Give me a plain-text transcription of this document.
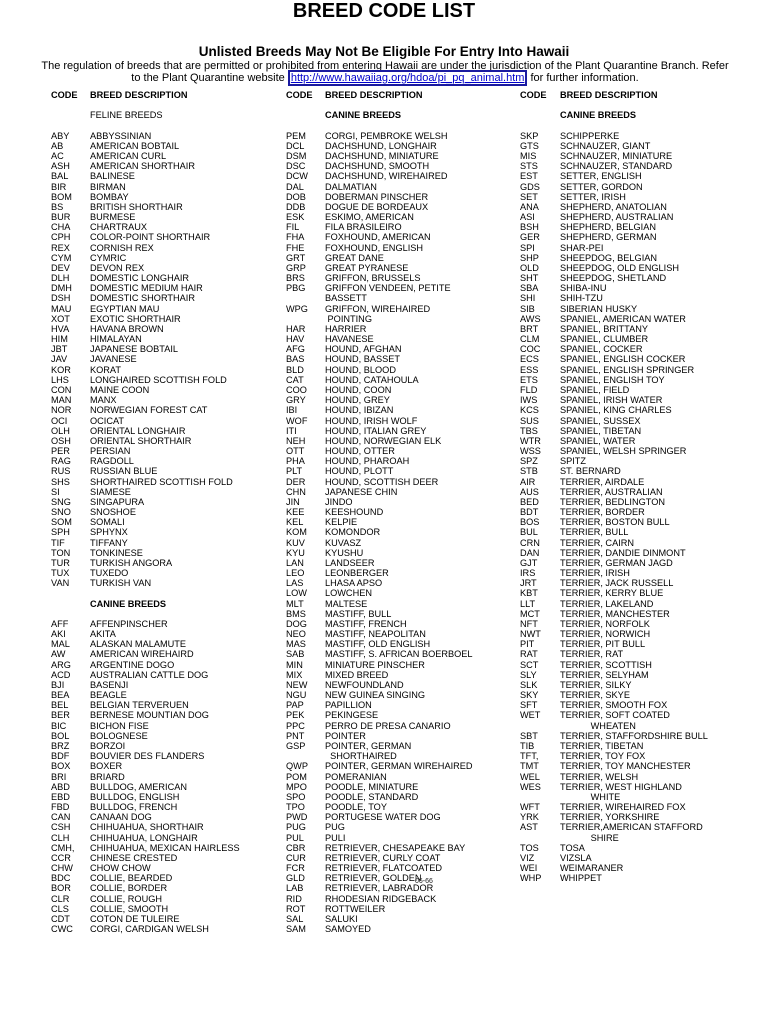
BREED CODE LIST
Unlisted Breeds May Not Be Eligible For Entry Into Hawaii
The regulation of breeds that are permitted or prohibited from entering Hawaii are under the jurisdiction of the Plant Quarantine Branch. Refer to the Plant Quarantine website http://www.hawaiiag.org/hdoa/pi_pq_animal.htm for further information.
CODE BREED DESCRIPTION
FELINE BREEDS
ABY ABBYSSINIAN
AB	AMERICAN BOBTAIL
AC	AMERICAN CURL
ASH AMERICAN SHORTHAIR
BAL BALINESE
BIR	BIRMAN
BOM BOMBAY
BS	BRITISH SHORTHAIR
BUR BURMESE
CHA CHARTRAUX
CPH COLOR-POINT SHORTHAIR
REX CORNISH REX
CYM CYMRIC
DEV DEVON REX
DLH DOMESTIC LONGHAIR
DMH DOMESTIC MEDIUM HAIR
DSH DOMESTIC SHORTHAIR
MAU EGYPTIAN MAU
XOT EXOTIC SHORTHAIR
HVA HAVANA BROWN
HIM HIMALAYAN
JBT JAPANESE BOBTAIL
JAV JAVANESE
KOR KORAT
LHS LONGHAIRED SCOTTISH FOLD
CON MAINE COON
MAN MANX
NOR NORWEGIAN FOREST CAT
OCI OCICAT
OLH ORIENTAL LONGHAIR
OSH ORIENTAL SHORTHAIR
PER PERSIAN
RAG RAGDOLL
RUS RUSSIAN BLUE
SHS SHORTHAIRED SCOTTISH FOLD
SI	SIAMESE
SNG SINGAPURA
SNO SNOSHOE
SOM SOMALI
SPH SPHYNX
TIF	TIFFANY
TON TONKINESE
TUR TURKISH ANGORA
TUX TUXEDO
VAN TURKISH VAN
CANINE BREEDS
AFF AFFENPINSCHER
AKI	AKITA
MAL ALASKAN MALAMUTE
AW	AMERICAN WIREHAIRD
ARG ARGENTINE DOGO
ACD AUSTRALIAN CATTLE DOG
BJI	BASENJI
BEA BEAGLE
BEL BELGIAN TERVERUEN
BER BERNESE MOUNTIAN DOG
BIC	BICHON FISE
BOL BOLOGNESE
BRZ BORZOI
BDF BOUVIER DES FLANDERS
BOX BOXER
BRI	BRIARD
ABD BULLDOG, AMERICAN
EBD BULLDOG, ENGLISH
FBD BULLDOG, FRENCH
CAN CANAAN DOG
CSH CHIHUAHUA, SHORTHAIR
CLH CHIHUAHUA, LONGHAIR
CMH, CHIHUAHUA, MEXICAN HAIRLESS
CCR CHINESE CRESTED
CHW CHOW CHOW
BDC COLLIE, BEARDED
BOR COLLIE, BORDER
CLR COLLIE, ROUGH
CLS COLLIE, SMOOTH
CDT COTON DE TULEIRE
CWC CORGI, CARDIGAN WELSH
CODE BREED DESCRIPTION
CANINE BREEDS
PEM CORGI, PEMBROKE WELSH
DCL DACHSHUND, LONGHAIR
DSM DACHSHUND, MINIATURE
DSC DACHSHUND, SMOOTH
DCW DACHSHUND, WIREHAIRED
DAL DALMATIAN
DOB DOBERMAN PINSCHER
DDB DOGUE DE BORDEAUX
ESK ESKIMO, AMERICAN
FIL	FILA BRASILEIRO
FHA FOXHOUND, AMERICAN
FHE FOXHOUND, ENGLISH
GRT GREAT DANE
GRP GREAT PYRANESE
BRS GRIFFON, BRUSSELS
PBG GRIFFON VENDEEN, PETITE
BASSETT
WPG GRIFFON, WIREHAIRED
POINTING
HAR HARRIER
HAV HAVANESE
AFG HOUND, AFGHAN
BAS HOUND, BASSET
BLD HOUND, BLOOD
CAT HOUND, CATAHOULA
COO HOUND, COON
GRY HOUND, GREY
IBI	HOUND, IBIZAN
WOF HOUND, IRISH WOLF
ITI	HOUND, ITALIAN GREY
NEH HOUND, NORWEGIAN ELK
OTT HOUND, OTTER
PHA HOUND, PHAROAH
PLT HOUND, PLOTT
DER HOUND, SCOTTISH DEER
CHN JAPANESE CHIN
JIN	JINDO
KEE KEESHOUND
KEL KELPIE
KOM KOMONDOR
KUV KUVASZ
KYU KYUSHU
LAN LANDSEER
LEO LEONBERGER
LAS LHASA APSO
LOW LOWCHEN
MLT MALTESE
BMS MASTIFF, BULL
DOG MASTIFF, FRENCH
NEO MASTIFF, NEAPOLITAN
MAS MASTIFF, OLD ENGLISH
SAB MASTIFF, S. AFRICAN BOERBOEL
MIN MINIATURE PINSCHER
MIX MIXED BREED
NEW NEWFOUNDLAND
NGU NEW GUINEA SINGING
PAP PAPILLION
PEK PEKINGESE
PPC PERRO DE PRESA CANARIO
PNT POINTER
GSP POINTER, GERMAN
SHORTHAIRED
QWP POINTER, GERMAN WIREHAIRED
POM POMERANIAN
MPO POODLE, MINIATURE
SPO POODLE, STANDARD
TPO POODLE, TOY
PWD PORTUGESE WATER DOG
PUG PUG
PUL PULI
CBR RETRIEVER, CHESAPEAKE BAY
CUR RETRIEVER, CURLY COAT
FCR RETRIEVER, FLATCOATED
GLD RETRIEVER, GOLDEN
LAB RETRIEVER, LABRADOR
RID	RHODESIAN RIDGEBACK
ROT ROTTWEILER
SAL SALUKI
SAM SAMOYED
CODE BREED DESCRIPTION
CANINE BREEDS
SKP SCHIPPERKE
GTS SCHNAUZER, GIANT
MIS	SCHNAUZER, MINIATURE
STS SCHNAUZER, STANDARD
EST SETTER, ENGLISH
GDS SETTER, GORDON
SET SETTER, IRISH
ANA SHEPHERD, ANATOLIAN
ASI	SHEPHERD, AUSTRALIAN
BSH SHEPHERD, BELGIAN
GER SHEPHERD, GERMAN
SPI	SHAR-PEI
SHP SHEEPDOG, BELGIAN
OLD SHEEPDOG, OLD ENGLISH
SHT SHEEPDOG, SHETLAND
SBA SHIBA-INU
SHI	SHIH-TZU
SIB	SIBERIAN HUSKY
AWS SPANIEL, AMERICAN WATER
BRT SPANIEL, BRITTANY
CLM SPANIEL, CLUMBER
COC SPANIEL, COCKER
ECS SPANIEL, ENGLISH COCKER
ESS SPANIEL, ENGLISH SPRINGER
ETS SPANIEL, ENGLISH TOY
FLD SPANIEL, FIELD
IWS SPANIEL, IRISH WATER
KCS SPANIEL, KING CHARLES
SUS SPANIEL, SUSSEX
TBS SPANIEL, TIBETAN
WTR SPANIEL, WATER
WSS SPANIEL, WELSH SPRINGER
SPZ SPITZ
STB ST. BERNARD
AIR	TERRIER, AIRDALE
AUS TERRIER, AUSTRALIAN
BED TERRIER, BEDLINGTON
BDT TERRIER, BORDER
BOS TERRIER, BOSTON BULL
BUL TERRIER, BULL
CRN TERRIER, CAIRN
DAN TERRIER, DANDIE DINMONT
GJT TERRIER, GERMAN JAGD
IRS	TERRIER, IRISH
JRT	TERRIER, JACK RUSSELL
KBT TERRIER, KERRY BLUE
LLT	TERRIER, LAKELAND
MCT TERRIER, MANCHESTER
NFT TERRIER, NORFOLK
NWT TERRIER, NORWICH
PIT	TERRIER, PIT BULL
RAT TERRIER, RAT
SCT TERRIER, SCOTTISH
SLY	TERRIER, SELYHAM
SLK TERRIER, SILKY
SKY TERRIER, SKYE
SFT TERRIER, SMOOTH FOX
WET TERRIER, SOFT COATED
WHEATEN
SBT TERRIER, STAFFORDSHIRE BULL
TIB	TERRIER, TIBETAN
TFT, TERRIER, TOY FOX
TMT TERRIER, TOY MANCHESTER
WEL TERRIER, WELSH
WES TERRIER, WEST HIGHLAND
WHITE
WFT TERRIER, WIREHAIRED FOX
YRK TERRIER, YORKSHIRE
AST TERRIER,AMERICAN STAFFORD
SHIRE
TOS TOSA
VIZ	VIZSLA
WEI WEIMARANER
WHP WHIPPET
06-66
